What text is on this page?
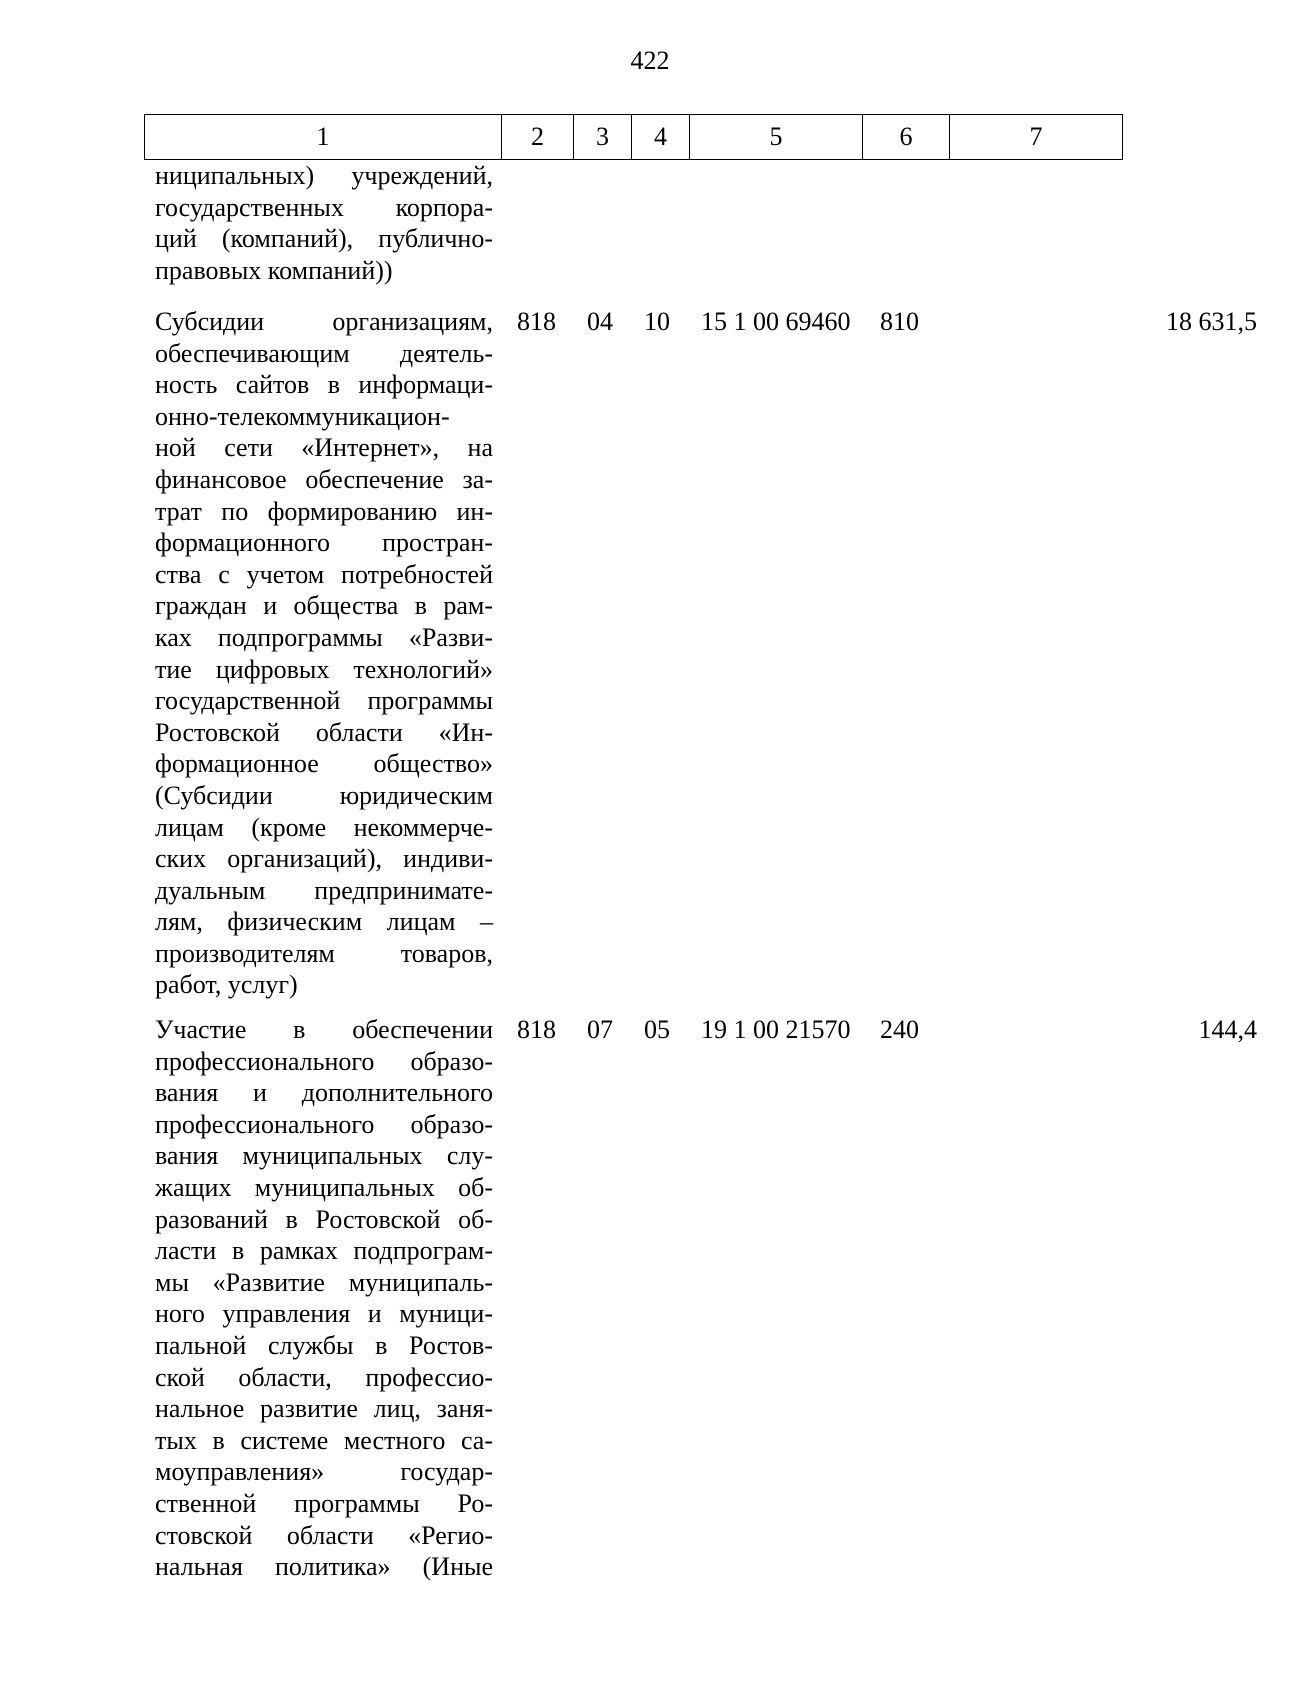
422
1	2	3	4	5	6	7
ниципальных) учреждений,
государственных корпора-
ций (компаний), публично-
правовых компаний))
Субсидии организациям,
обеспечивающим деятель-
ность сайтов в информаци-
онно-телекоммуникацион-
ной сети «Интернет», на
финансовое обеспечение за-
трат по формированию ин-
формационного простран-
ства с учетом потребностей
граждан и общества в рам-
ках подпрограммы «Разви-
тие цифровых технологий»
государственной программы
Ростовской области «Ин-
формационное общество»
(Субсидии юридическим
лицам (кроме некоммерче-
ских организаций), индиви-
дуальным предпринимате-
лям, физическим лицам –
производителям товаров,
работ, услуг)
818	04	10	15 1 00 69460	810	18 631,5
Участие в обеспечении
профессионального образо-
вания и дополнительного
профессионального образо-
вания муниципальных слу-
жащих муниципальных об-
разований в Ростовской об-
ласти в рамках подпрограм-
мы «Развитие муниципаль-
ного управления и муници-
пальной службы в Ростов-
ской области, профессио-
нальное развитие лиц, заня-
тых в системе местного са-
моуправления» государ-
ственной программы Ро-
стовской области «Регио-
нальная политика» (Иные
818	07	05	19 1 00 21570	240	144,4
